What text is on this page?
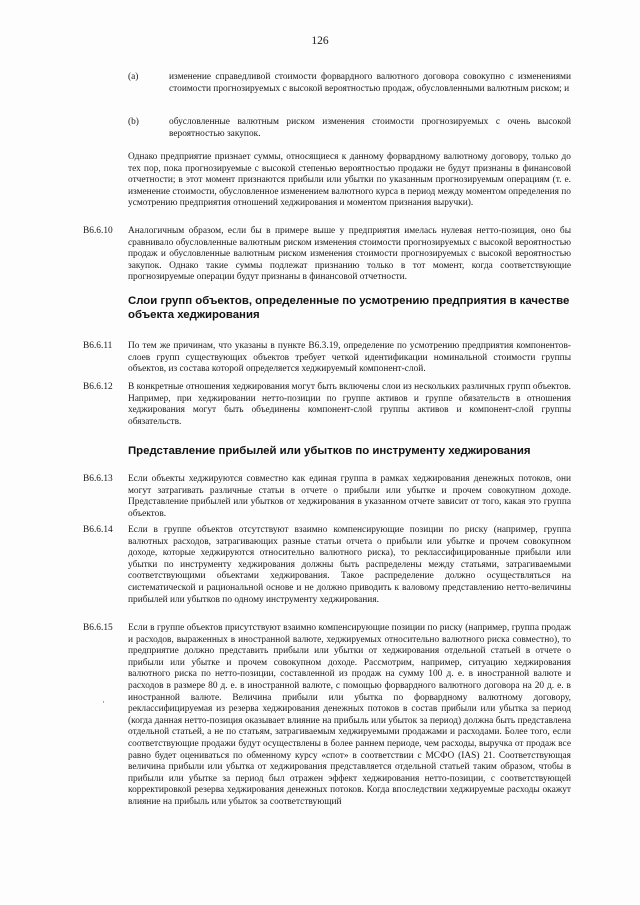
126
(a)	изменение справедливой стоимости форвардного валютного договора совокупно с изменениями стоимости прогнозируемых с высокой вероятностью продаж, обусловленными валютным риском; и
(b)	обусловленные валютным риском изменения стоимости прогнозируемых с очень высокой вероятностью закупок.
Однако предприятие признает суммы, относящиеся к данному форвардному валютному договору, только до тех пор, пока прогнозируемые с высокой степенью вероятностью продажи не будут признаны в финансовой отчетности; в этот момент признаются прибыли или убытки по указанным прогнозируемым операциям (т. е. изменение стоимости, обусловленное изменением валютного курса в период между моментом определения по усмотрению предприятия отношений хеджирования и моментом признания выручки).
B6.6.10 Аналогичным образом, если бы в примере выше у предприятия имелась нулевая нетто-позиция, оно бы сравнивало обусловленные валютным риском изменения стоимости прогнозируемых с высокой вероятностью продаж и обусловленные валютным риском изменения стоимости прогнозируемых с высокой вероятностью закупок. Однако такие суммы подлежат признанию только в тот момент, когда соответствующие прогнозируемые операции будут признаны в финансовой отчетности.
Слои групп объектов, определенные по усмотрению предприятия в качестве объекта хеджирования
B6.6.11 По тем же причинам, что указаны в пункте B6.3.19, определение по усмотрению предприятия компонентов-слоев групп существующих объектов требует четкой идентификации номинальной стоимости группы объектов, из состава которой определяется хеджируемый компонент-слой.
B6.6.12 В конкретные отношения хеджирования могут быть включены слои из нескольких различных групп объектов. Например, при хеджировании нетто-позиции по группе активов и группе обязательств в отношения хеджирования могут быть объединены компонент-слой группы активов и компонент-слой группы обязательств.
Представление прибылей или убытков по инструменту хеджирования
B6.6.13 Если объекты хеджируются совместно как единая группа в рамках хеджирования денежных потоков, они могут затрагивать различные статьи в отчете о прибыли или убытке и прочем совокупном доходе. Представление прибылей или убытков от хеджирования в указанном отчете зависит от того, какая это группа объектов.
B6.6.14 Если в группе объектов отсутствуют взаимно компенсирующие позиции по риску (например, группа валютных расходов, затрагивающих разные статьи отчета о прибыли или убытке и прочем совокупном доходе, которые хеджируются относительно валютного риска), то реклассифицированные прибыли или убытки по инструменту хеджирования должны быть распределены между статьями, затрагиваемыми соответствующими объектами хеджирования. Такое распределение должно осуществляться на систематической и рациональной основе и не должно приводить к валовому представлению нетто-величины прибылей или убытков по одному инструменту хеджирования.
B6.6.15 Если в группе объектов присутствуют взаимно компенсирующие позиции по риску (например, группа продаж и расходов, выраженных в иностранной валюте, хеджируемых относительно валютного риска совместно), то предприятие должно представить прибыли или убытки от хеджирования отдельной статьей в отчете о прибыли или убытке и прочем совокупном доходе. Рассмотрим, например, ситуацию хеджирования валютного риска по нетто-позиции, составленной из продаж на сумму 100 д. е. в иностранной валюте и расходов в размере 80 д. е. в иностранной валюте, с помощью форвардного валютного договора на 20 д. е. в иностранной валюте. Величина прибыли или убытка по форвардному валютному договору, реклассифицируемая из резерва хеджирования денежных потоков в состав прибыли или убытка за период (когда данная нетто-позиция оказывает влияние на прибыль или убыток за период) должна быть представлена отдельной статьей, а не по статьям, затрагиваемым хеджируемыми продажами и расходами. Более того, если соответствующие продажи будут осуществлены в более раннем периоде, чем расходы, выручка от продаж все равно будет оцениваться по обменному курсу «спот» в соответствии с МСФО (IAS) 21. Соответствующая величина прибыли или убытка от хеджирования представляется отдельной статьей таким образом, чтобы в прибыли или убытке за период был отражен эффект хеджирования нетто-позиции, с соответствующей корректировкой резерва хеджирования денежных потоков. Когда впоследствии хеджируемые расходы окажут влияние на прибыль или убыток за соответствующий
·
